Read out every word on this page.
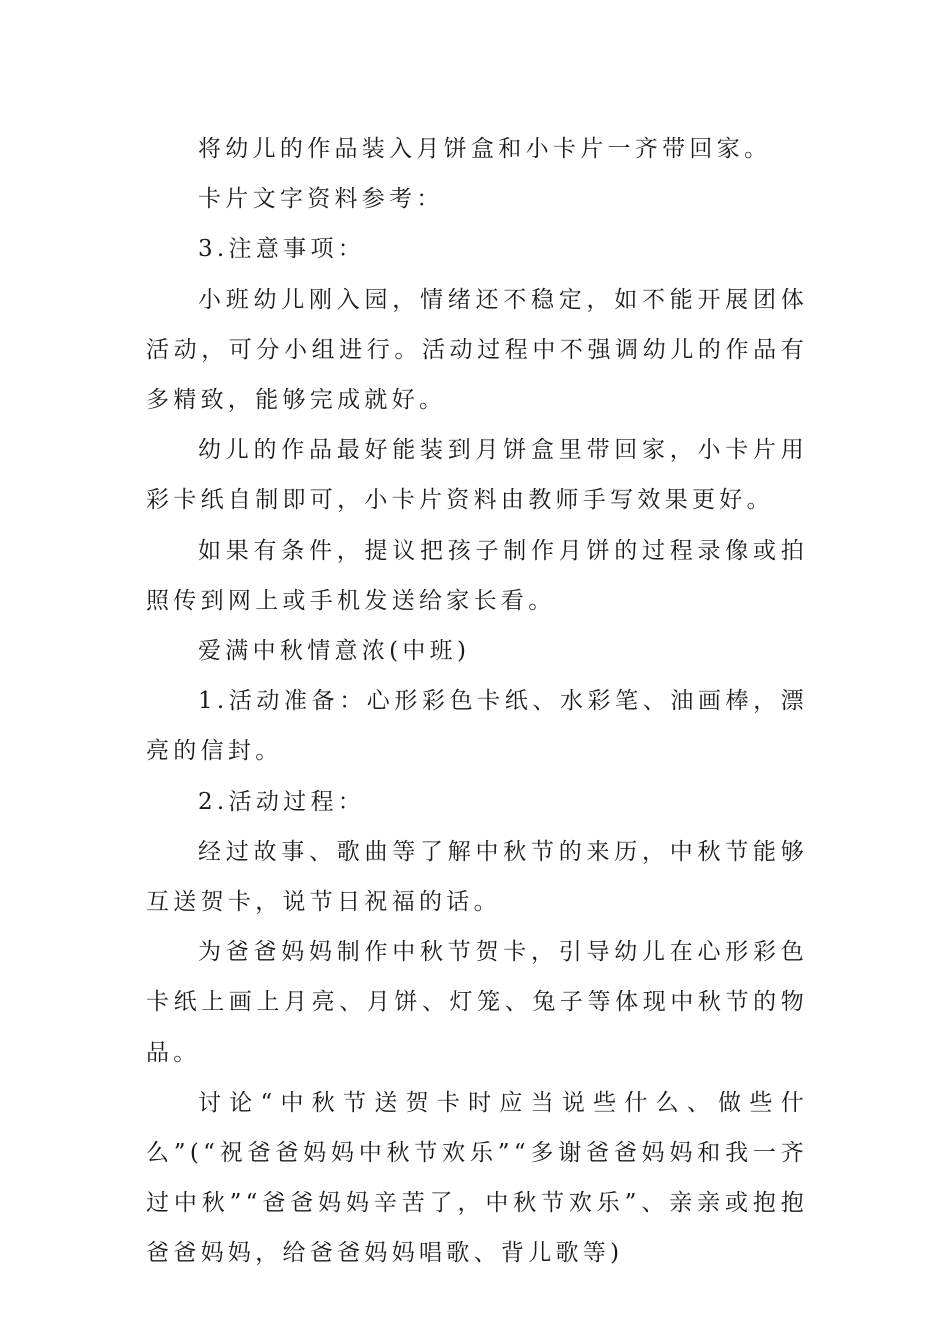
将幼儿的作品装入月饼盒和小卡片一齐带回家。

卡片文字资料参考：

3.注意事项：

小班幼儿刚入园，情绪还不稳定，如不能开展团体活动，可分小组进行。活动过程中不强调幼儿的作品有多精致，能够完成就好。

幼儿的作品最好能装到月饼盒里带回家，小卡片用彩卡纸自制即可，小卡片资料由教师手写效果更好。

如果有条件，提议把孩子制作月饼的过程录像或拍照传到网上或手机发送给家长看。

爱满中秋情意浓(中班)

1.活动准备：心形彩色卡纸、水彩笔、油画棒，漂亮的信封。

2.活动过程：

经过故事、歌曲等了解中秋节的来历，中秋节能够互送贺卡，说节日祝福的话。

为爸爸妈妈制作中秋节贺卡，引导幼儿在心形彩色卡纸上画上月亮、月饼、灯笼、兔子等体现中秋节的物品。

讨论“中秋节送贺卡时应当说些什么、做些什么”(“祝爸爸妈妈中秋节欢乐”“多谢爸爸妈妈和我一齐过中秋”“爸爸妈妈辛苦了，中秋节欢乐”、亲亲或抱抱爸爸妈妈，给爸爸妈妈唱歌、背儿歌等)
